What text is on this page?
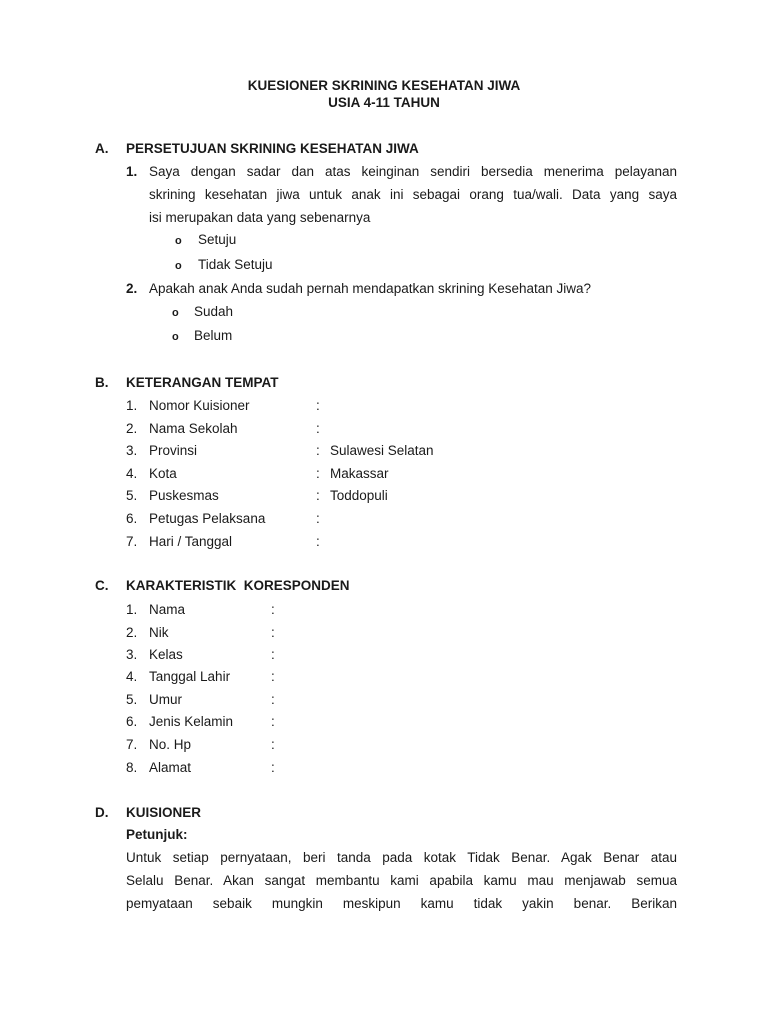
KUESIONER SKRINING KESEHATAN JIWA
USIA 4-11 TAHUN
A. PERSETUJUAN SKRINING KESEHATAN JIWA
1. Saya dengan sadar dan atas keinginan sendiri bersedia menerima pelayanan
skrining kesehatan jiwa untuk anak ini sebagai orang tua/wali. Data yang saya
isi merupakan data yang sebenarnya
o Setuju
o Tidak Setuju
2. Apakah anak Anda sudah pernah mendapatkan skrining Kesehatan Jiwa?
o Sudah
o Belum
B. KETERANGAN TEMPAT
1. Nomor Kuisioner	:
2. Nama Sekolah	:
3. Provinsi	: Sulawesi Selatan
4. Kota	: Makassar
5. Puskesmas	: Toddopuli
6. Petugas Pelaksana	:
7. Hari / Tanggal	:
C. KARAKTERISTIK  KORESPONDEN
1. Nama	:
2. Nik	:
3. Kelas	:
4. Tanggal Lahir	:
5. Umur	:
6. Jenis Kelamin	:
7. No. Hp	:
8. Alamat	:
D. KUISIONER
Petunjuk:
Untuk setiap pernyataan, beri tanda pada kotak Tidak Benar. Agak Benar atau
Selalu Benar. Akan sangat membantu kami apabila kamu mau menjawab semua
pemyataan sebaik mungkin meskipun kamu tidak yakin benar. Berikan
